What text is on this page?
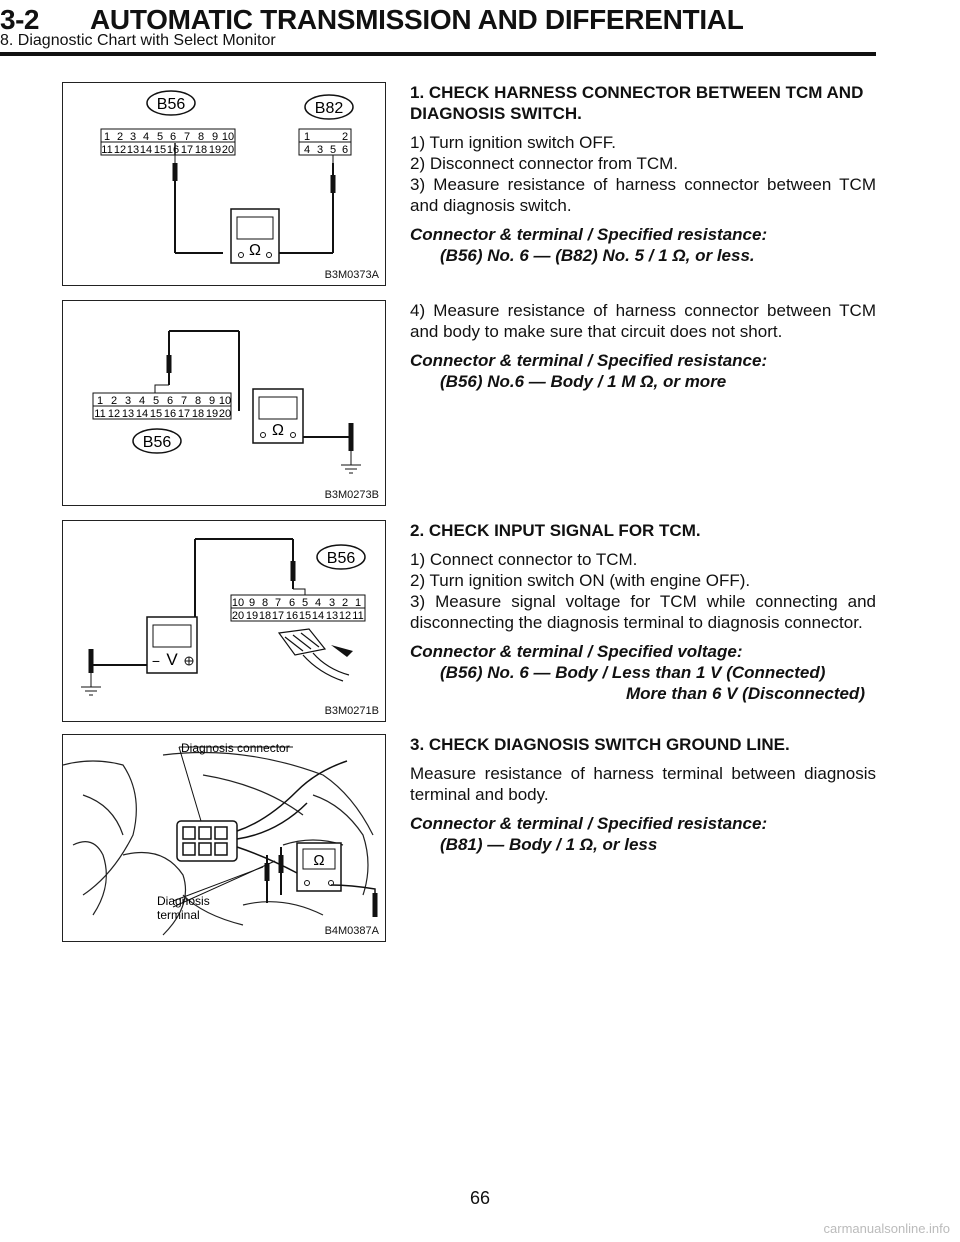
3-2 AUTOMATIC TRANSMISSION AND DIFFERENTIAL
8. Diagnostic Chart with Select Monitor
B56	B82
1 2 3 4 5 6 7 8 9 10
11 12 13 14 15 16 17 18 19 20
1	2
4 3 5 6
Ω
B3M0373A
1 2 3 4 5 6 7 8 9 10
11 12 13 14 15 16 17 18 19 20
Ω
B56
B3M0273B
B56
10 9 8 7 6 5 4 3 2 1
20 19 18 17 16 15 14 13 12 11
V
−
B3M0271B
Ω
Diagnosis connector
Diagnosis
terminal
B4M0387A

1. CHECK HARNESS CONNECTOR BETWEEN TCM AND DIAGNOSIS SWITCH.

1) Turn ignition switch OFF.
2) Disconnect connector from TCM.
3) Measure resistance of harness connector between TCM and diagnosis switch.
Connector & terminal / Specified resistance:
(B56) No. 6 — (B82) No. 5 / 1 Ω, or less.

4) Measure resistance of harness connector between TCM and body to make sure that circuit does not short.

Connector & terminal / Specified resistance:
(B56) No.6 — Body / 1 M Ω, or more

2. CHECK INPUT SIGNAL FOR TCM.

1) Connect connector to TCM.
2) Turn ignition switch ON (with engine OFF).
3) Measure signal voltage for TCM while connecting and disconnecting the diagnosis terminal to diagnosis connector.
Connector & terminal / Specified voltage:
(B56) No. 6 — Body / Less than 1 V (Connected)
More than 6 V (Disconnected)

3. CHECK DIAGNOSIS SWITCH GROUND LINE.

Measure resistance of harness terminal between diagnosis terminal and body.

Connector & terminal / Specified resistance:
(B81) — Body / 1 Ω, or less
66
carmanualsonline.info
